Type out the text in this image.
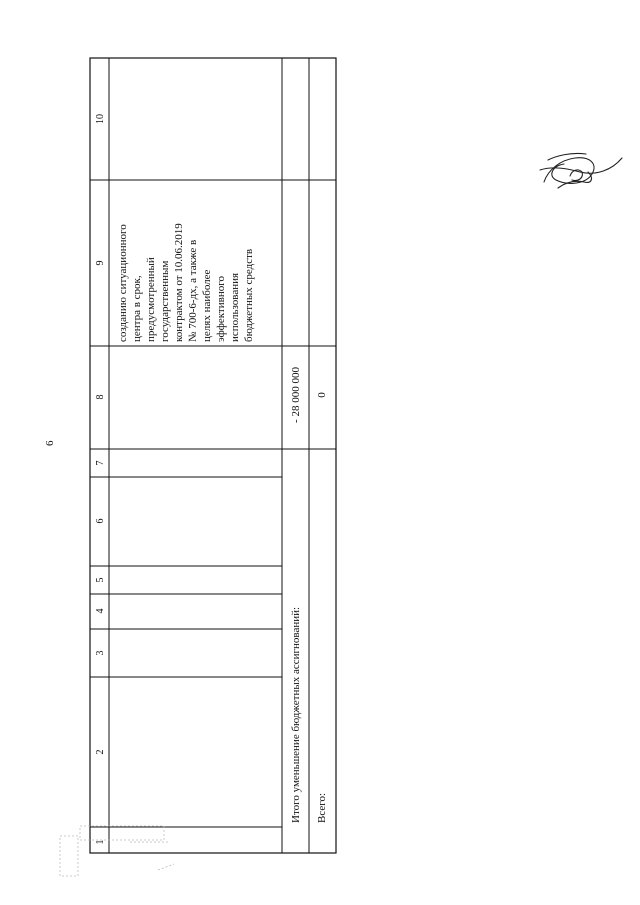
6
1
2
3
4
5
6
7
8
9
10
созданию ситуационного центра в срок, предусмотренный государственным контрактом от 10.06.2019 № 700-6-дх, а также в целях наиболее эффективного использования бюджетных средств
Итого уменьшение бюджетных ассигнований:
- 28 000 000
Всего:
0
